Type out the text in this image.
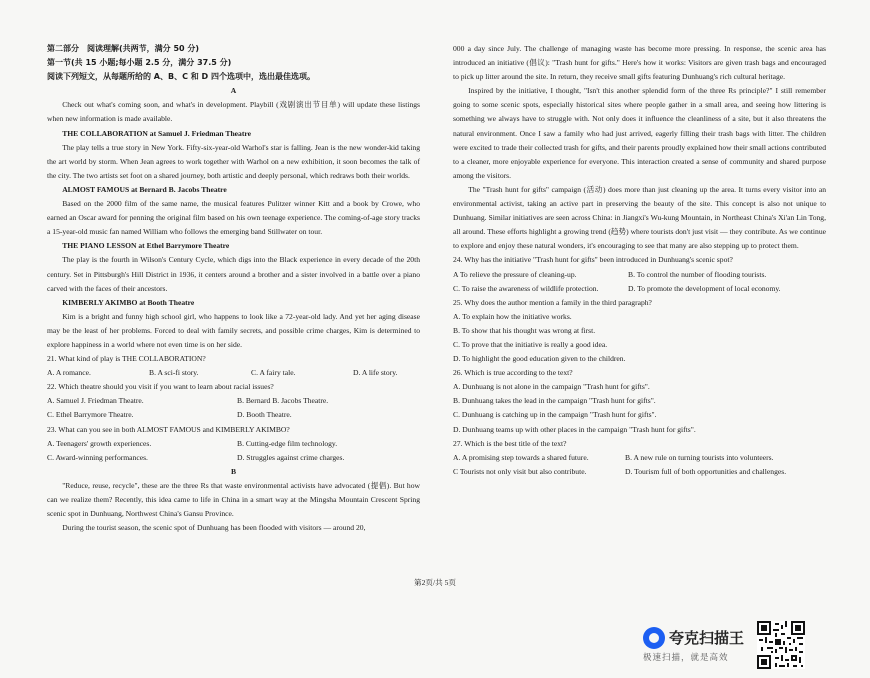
第二部分　阅读理解(共两节，满分 50 分)

第一节(共 15 小题;每小题 2.5 分，满分 37.5 分)

阅读下列短文，从每题所给的 A、B、C 和 D 四个选项中，选出最佳选项。

A

Check out what's coming soon, and what's in development. Playbill (戏剧演出节目单) will update these listings when new information is made available.

THE COLLABORATION at Samuel J. Friedman Theatre

The play tells a true story in New York. Fifty-six-year-old Warhol's star is falling. Jean is the new wonder-kid taking the art world by storm. When Jean agrees to work together with Warhol on a new exhibition, it soon becomes the talk of the city. The two artists set foot on a shared journey, both artistic and deeply personal, which redraws both their worlds.

ALMOST FAMOUS at Bernard B. Jacobs Theatre

Based on the 2000 film of the same name, the musical features Pulitzer winner Kitt and a book by Crowe, who earned an Oscar award for penning the original film based on his own teenage experience. The coming-of-age story tracks a 15-year-old music fan named William who follows the emerging band Stillwater on tour.

THE PIANO LESSON at Ethel Barrymore Theatre

The play is the fourth in Wilson's Century Cycle, which digs into the Black experience in every decade of the 20th century. Set in Pittsburgh's Hill District in 1936, it centers around a brother and a sister involved in a battle over a piano carved with the faces of their ancestors.

KIMBERLY AKIMBO at Booth Theatre

Kim is a bright and funny high school girl, who happens to look like a 72-year-old lady. And yet her aging disease may be the least of her problems. Forced to deal with family secrets, and possible crime charges, Kim is determined to explore happiness in a world where not even time is on her side.

21. What kind of play is THE COLLABORATION?

A. A romance.	B. A sci-fi story.	C. A fairy tale.	D. A life story.

22. Which theatre should you visit if you want to learn about racial issues?

A. Samuel J. Friedman Theatre.	B. Bernard B. Jacobs Theatre.
C. Ethel Barrymore Theatre.	D. Booth Theatre.

23. What can you see in both ALMOST FAMOUS and KIMBERLY AKIMBO?

A. Teenagers' growth experiences.	B. Cutting-edge film technology.
C. Award-winning performances.	D. Struggles against crime charges.

B

"Reduce, reuse, recycle", these are the three Rs that waste environmental activists have advocated (提倡). But how can we realize them? Recently, this idea came to life in China in a smart way at the Mingsha Mountain Crescent Spring scenic spot in Dunhuang, Northwest China's Gansu Province.

During the tourist season, the scenic spot of Dunhuang has been flooded with visitors — around 20,

000 a day since July. The challenge of managing waste has become more pressing. In response, the scenic area has introduced an initiative (倡议): "Trash hunt for gifts." Here's how it works: Visitors are given trash bags and encouraged to pick up litter around the site. In return, they receive small gifts featuring Dunhuang's rich cultural heritage.

Inspired by the initiative, I thought, "Isn't this another splendid form of the three Rs principle?" I still remember going to some scenic spots, especially historical sites where people gather in a small area, and seeing how littering is something we always have to struggle with. Not only does it influence the cleanliness of a site, but it also threatens the natural environment. Once I saw a family who had just arrived, eagerly filling their trash bags with litter. The children were excited to trade their collected trash for gifts, and their parents proudly explained how their small actions contributed to a cleaner, more enjoyable experience for everyone. This interaction created a sense of community and shared purpose among the visitors.

The "Trash hunt for gifts" campaign (活动) does more than just cleaning up the area. It turns every visitor into an environmental activist, taking an active part in preserving the beauty of the site. This concept is also not unique to Dunhuang. Similar initiatives are seen across China: in Jiangxi's Wu-kung Mountain, in Northeast China's Xi'an Lin Tong, all around. These efforts highlight a growing trend (趋势) where tourists don't just visit — they contribute. As we continue to explore and enjoy these natural wonders, it's encouraging to see that many are also stepping up to protect them.

24. Why has the initiative "Trash hunt for gifts" been introduced in Dunhuang's scenic spot?

A To relieve the pressure of cleaning-up.	B. To control the number of flooding tourists.
C. To raise the awareness of wildlife protection.	D. To promote the development of local economy.

25. Why does the author mention a family in the third paragraph?

A. To explain how the initiative works.
B. To show that his thought was wrong at first.
C. To prove that the initiative is really a good idea.
D. To highlight the good education given to the children.

26. Which is true according to the text?

A. Dunhuang is not alone in the campaign "Trash hunt for gifts".
B. Dunhuang takes the lead in the campaign "Trash hunt for gifts".
C. Dunhuang is catching up in the campaign "Trash hunt for gifts".
D. Dunhuang teams up with other places in the campaign "Trash hunt for gifts".

27. Which is the best title of the text?

A. A promising step towards a shared future.	B. A new rule on turning tourists into volunteers.
C Tourists not only visit but also contribute.	D. Tourism full of both opportunities and challenges.
第2页/共 5页
夸克扫描王
极速扫描，就是高效
